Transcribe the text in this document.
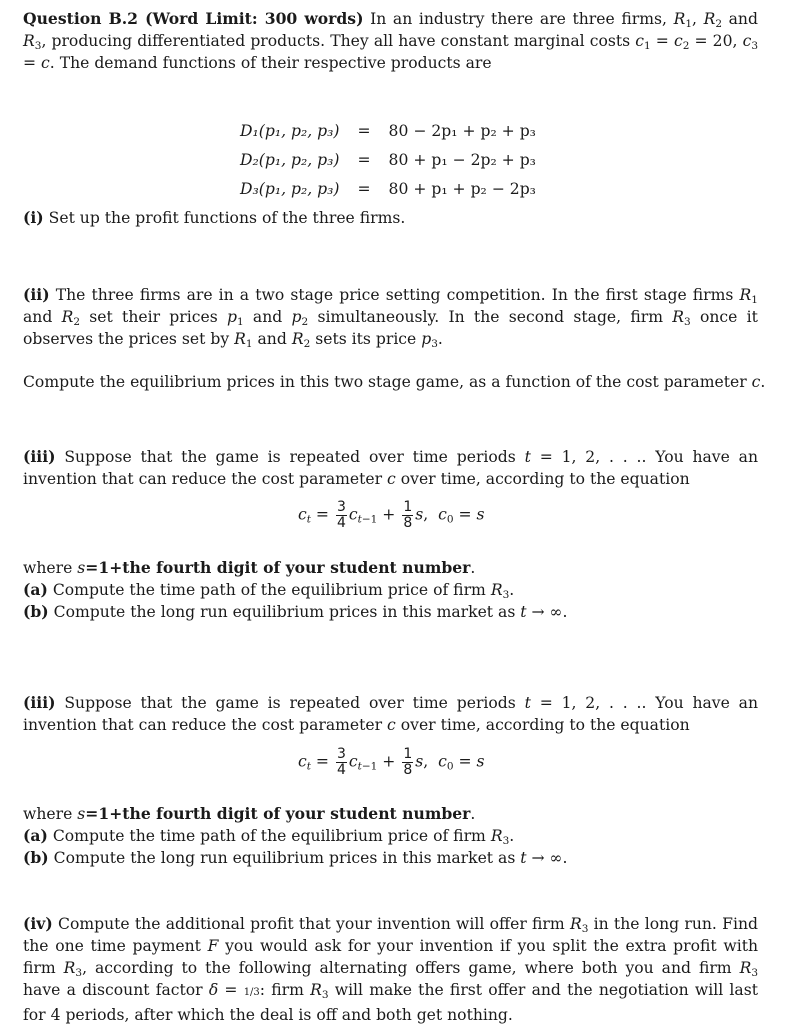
Question B.2 (Word Limit: 300 words) In an industry there are three firms, $R_1$, $R_2$ and $R_3$, producing differentiated products. They all have constant marginal costs $c_1 = c_2 = 20$, $c_3 = c$. The demand functions of their respective products are

D₁(p₁, p₂, p₃)	=	80 − 2p₁ + p₂ + p₃
D₂(p₁, p₂, p₃)	=	80 + p₁ − 2p₂ + p₃
D₃(p₁, p₂, p₃)	=	80 + p₁ + p₂ − 2p₃

(i) Set up the profit functions of the three firms.

(ii) The three firms are in a two stage price setting competition. In the first stage firms $R_1$ and $R_2$ set their prices $p_1$ and $p_2$ simultaneously. In the second stage, firm $R_3$ once it observes the prices set by $R_1$ and $R_2$ sets its price $p_3$.

Compute the equilibrium prices in this two stage game, as a function of the cost parameter c.

(iii) Suppose that the game is repeated over time periods t = 1, 2, . . .. You have an invention that can reduce the cost parameter c over time, according to the equation

$c_t = \frac{3}{4} c_{t-1} + \frac{1}{8} s$,  $c_0 = s$

where s=1+the fourth digit of your student number.

(a) Compute the time path of the equilibrium price of firm $R_3$.

(b) Compute the long run equilibrium prices in this market as t → ∞.

(iii) Suppose that the game is repeated over time periods t = 1, 2, . . .. You have an invention that can reduce the cost parameter c over time, according to the equation

$c_t = \frac{3}{4} c_{t-1} + \frac{1}{8} s$,  $c_0 = s$

where s=1+the fourth digit of your student number.

(a) Compute the time path of the equilibrium price of firm $R_3$.

(b) Compute the long run equilibrium prices in this market as t → ∞.

(iv) Compute the additional profit that your invention will offer firm $R_3$ in the long run. Find the one time payment F you would ask for your invention if you split the extra profit with firm $R_3$, according to the following alternating offers game, where both you and firm $R_3$ have a discount factor δ = 1/3: firm $R_3$ will make the first offer and the negotiation will last for 4 periods, after which the deal is off and both get nothing.
